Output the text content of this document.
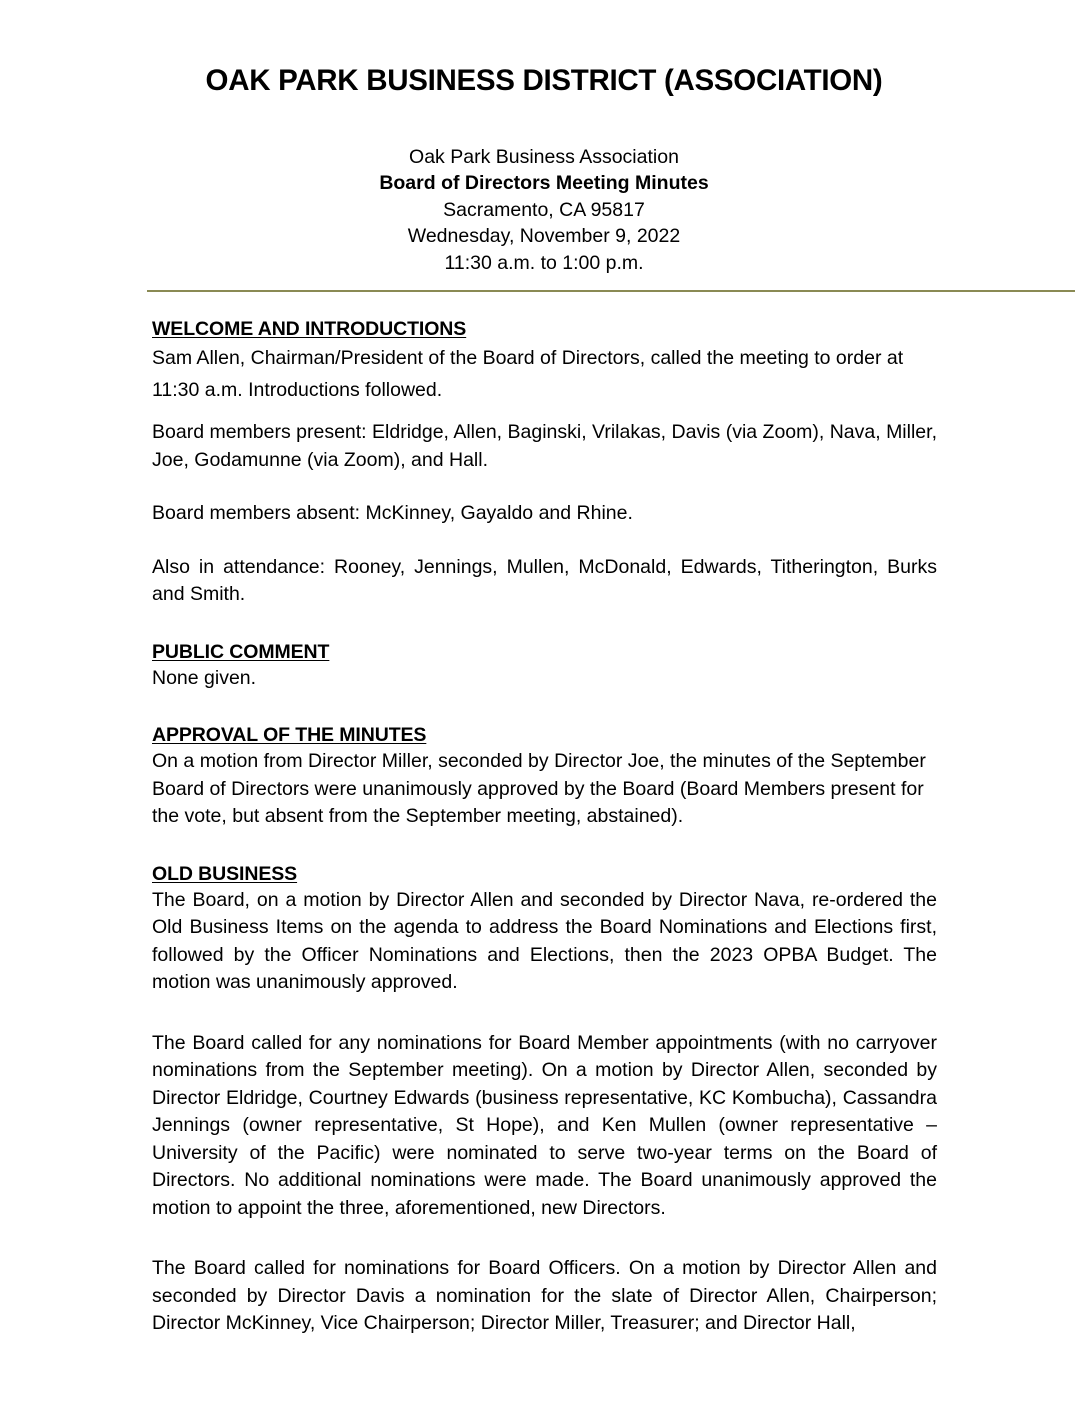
OAK PARK BUSINESS DISTRICT (ASSOCIATION)

Oak Park Business Association

Board of Directors Meeting Minutes

Sacramento, CA 95817

Wednesday, November 9, 2022

11:30 a.m. to 1:00 p.m.

WELCOME AND INTRODUCTIONS

Sam Allen, Chairman/President of the Board of Directors, called the meeting to order at 11:30 a.m. Introductions followed.

Board members present: Eldridge, Allen, Baginski, Vrilakas, Davis (via Zoom), Nava, Miller, Joe, Godamunne (via Zoom), and Hall.

Board members absent: McKinney, Gayaldo and Rhine.

Also in attendance: Rooney, Jennings, Mullen, McDonald, Edwards, Titherington, Burks and Smith.

PUBLIC COMMENT

None given.

APPROVAL OF THE MINUTES

On a motion from Director Miller, seconded by Director Joe, the minutes of the September Board of Directors were unanimously approved by the Board (Board Members present for the vote, but absent from the September meeting, abstained).

OLD BUSINESS

The Board, on a motion by Director Allen and seconded by Director Nava, re-ordered the Old Business Items on the agenda to address the Board Nominations and Elections first, followed by the Officer Nominations and Elections, then the 2023 OPBA Budget. The motion was unanimously approved.

The Board called for any nominations for Board Member appointments (with no carryover nominations from the September meeting). On a motion by Director Allen, seconded by Director Eldridge, Courtney Edwards (business representative, KC Kombucha), Cassandra Jennings (owner representative, St Hope), and Ken Mullen (owner representative – University of the Pacific) were nominated to serve two-year terms on the Board of Directors. No additional nominations were made. The Board unanimously approved the motion to appoint the three, aforementioned, new Directors.

The Board called for nominations for Board Officers. On a motion by Director Allen and seconded by Director Davis a nomination for the slate of Director Allen, Chairperson; Director McKinney, Vice Chairperson; Director Miller, Treasurer; and Director Hall,
